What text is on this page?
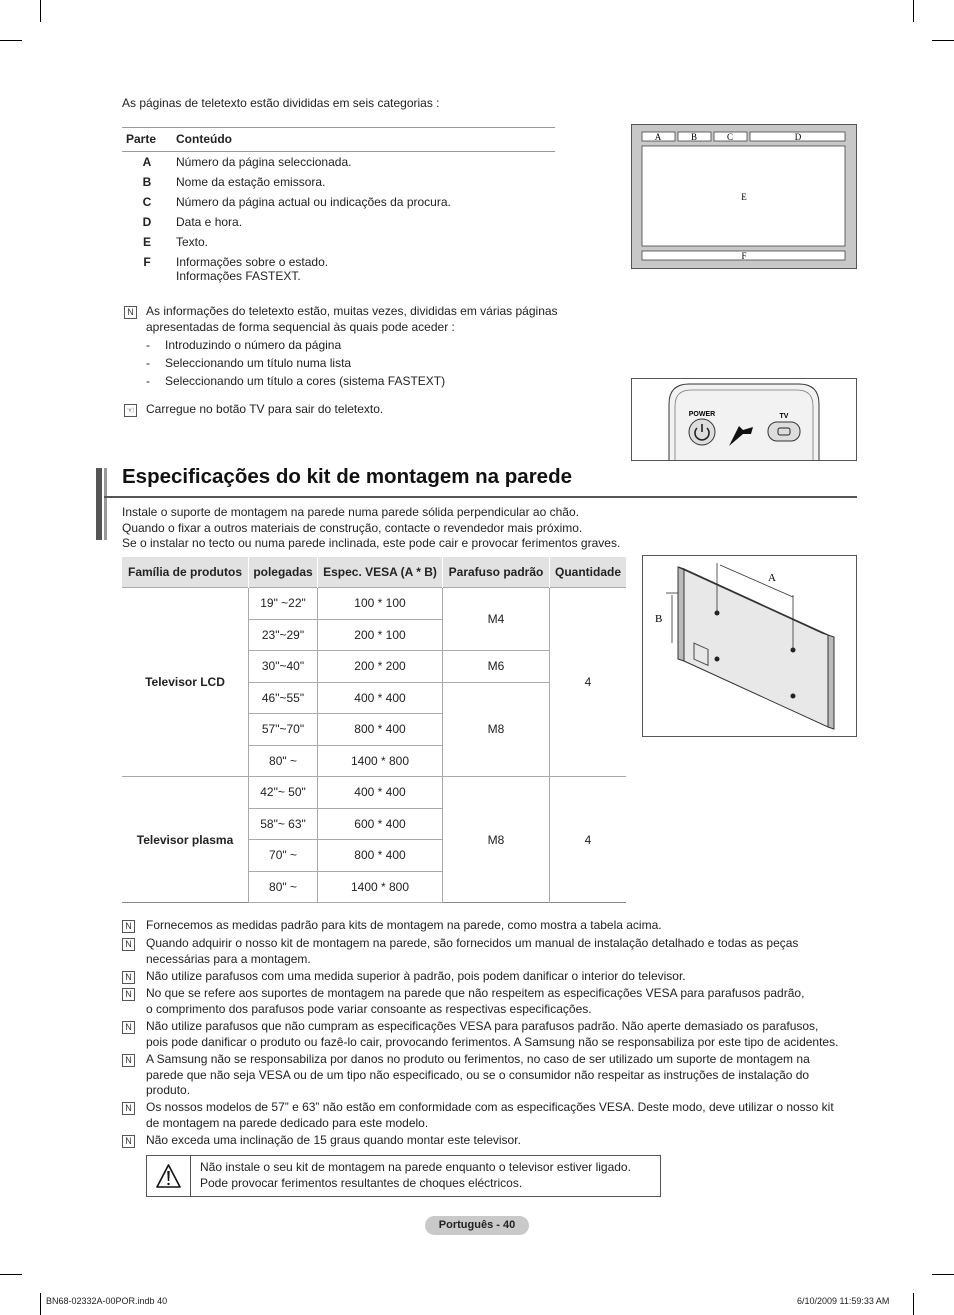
As páginas de teletexto estão divididas em seis categorias :
Parte	Conteúdo
A	Número da página seleccionada.
B	Nome da estação emissora.
C	Número da página actual ou indicações da procura.
D	Data e hora.
E	Texto.
F	Informações sobre o estado.
Informações FASTEXT.
A	B	C	D
E
F
N As informações do teletexto estão, muitas vezes, divididas em várias páginas
apresentadas de forma sequencial às quais pode aceder :
- Introduzindo o número da página
- Seleccionando um título numa lista
- Seleccionando um título a cores (sistema FASTEXT)
☜ Carregue no botão TV para sair do teletexto.	POWER	TV
Especificações do kit de montagem na parede
Instale o suporte de montagem na parede numa parede sólida perpendicular ao chão.
Quando o fixar a outros materiais de construção, contacte o revendedor mais próximo.
Se o instalar no tecto ou numa parede inclinada, este pode cair e provocar ferimentos graves.
Família de produtos	polegadas	Espec. VESA (A * B)	Parafuso padrão	Quantidade
Televisor LCD	19" ~22"	100 * 100	M4	4
	23"~29"	200 * 100		
	30"~40"	200 * 200	M6	
	46"~55"	400 * 400	M8	
	57"~70"	800 * 400		
	80" ~	1400 * 800		
Televisor plasma	42"~ 50"	400 * 400	M8	4
	58"~ 63"	600 * 400		
	70" ~	800 * 400		
	80" ~	1400 * 800		
A
B
N Fornecemos as medidas padrão para kits de montagem na parede, como mostra a tabela acima.
N Quando adquirir o nosso kit de montagem na parede, são fornecidos um manual de instalação detalhado e todas as peças
necessárias para a montagem.
N Não utilize parafusos com uma medida superior à padrão, pois podem danificar o interior do televisor.
N No que se refere aos suportes de montagem na parede que não respeitem as especificações VESA para parafusos padrão,
o comprimento dos parafusos pode variar consoante as respectivas especificações.
N Não utilize parafusos que não cumpram as especificações VESA para parafusos padrão. Não aperte demasiado os parafusos,
pois pode danificar o produto ou fazê-lo cair, provocando ferimentos. A Samsung não se responsabiliza por este tipo de acidentes.
N A Samsung não se responsabiliza por danos no produto ou ferimentos, no caso de ser utilizado um suporte de montagem na
parede que não seja VESA ou de um tipo não especificado, ou se o consumidor não respeitar as instruções de instalação do
produto.
N Os nossos modelos de 57” e 63” não estão em conformidade com as especificações VESA. Deste modo, deve utilizar o nosso kit
de montagem na parede dedicado para este modelo.
N Não exceda uma inclinação de 15 graus quando montar este televisor.
Não instale o seu kit de montagem na parede enquanto o televisor estiver ligado.
Pode provocar ferimentos resultantes de choques eléctricos.
Português - 40
BN68-02332A-00POR.indb 40	6/10/2009 11:59:33 AM
